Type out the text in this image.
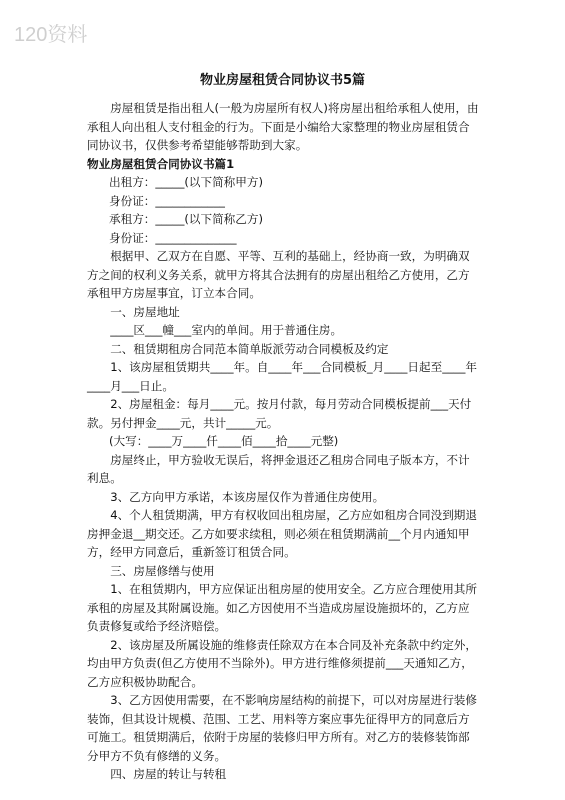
120资料
物业房屋租赁合同协议书5篇

房屋租赁是指出租人(一般为房屋所有权人)将房屋出租给承租人使用，由承租人向出租人支付租金的行为。下面是小编给大家整理的物业房屋租赁合同协议书，仅供参考希望能够帮助到大家。

物业房屋租赁合同协议书篇1

出租方：_____(以下简称甲方)

身份证：____________

承租方：_____(以下简称乙方)

身份证：______________

根据甲、乙双方在自愿、平等、互利的基础上，经协商一致，为明确双方之间的权利义务关系，就甲方将其合法拥有的房屋出租给乙方使用，乙方承租甲方房屋事宜，订立本合同。

一、房屋地址

____区___幢___室内的单间。用于普通住房。

二、租赁期租房合同范本简单版派劳动合同模板及约定

1、该房屋租赁期共____年。自____年___合同模板_月____日起至____年____月___日止。

2、房屋租金：每月____元。按月付款，每月劳动合同模板提前___天付款。另付押金____元，共计_____元。

(大写：____万____仟____佰____拾____元整)

房屋终止，甲方验收无误后，将押金退还乙租房合同电子版本方，不计利息。

3、乙方向甲方承诺，本该房屋仅作为普通住房使用。

4、个人租赁期满，甲方有权收回出租房屋，乙方应如租房合同没到期退房押金退__期交还。乙方如要求续租，则必须在租赁期满前__个月内通知甲方，经甲方同意后，重新签订租赁合同。

三、房屋修缮与使用

1、在租赁期内，甲方应保证出租房屋的使用安全。乙方应合理使用其所承租的房屋及其附属设施。如乙方因使用不当造成房屋设施损坏的，乙方应负责修复或给予经济赔偿。

2、该房屋及所属设施的维修责任除双方在本合同及补充条款中约定外，均由甲方负责(但乙方使用不当除外)。甲方进行维修须提前___天通知乙方，乙方应积极协助配合。

3、乙方因使用需要，在不影响房屋结构的前提下，可以对房屋进行装修装饰，但其设计规模、范围、工艺、用料等方案应事先征得甲方的同意后方可施工。租赁期满后，依附于房屋的装修归甲方所有。对乙方的装修装饰部分甲方不负有修缮的义务。

四、房屋的转让与转租
